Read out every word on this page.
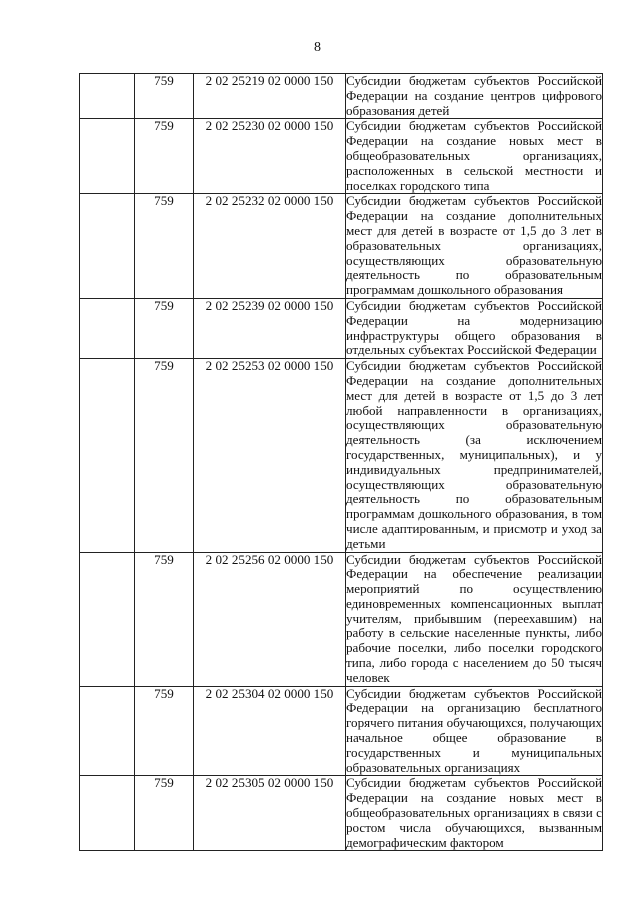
8
	759	2 02 25219 02 0000 150	Субсидии бюджетам субъектов Российской Федерации на создание центров цифрового образования детей
	759	2 02 25230 02 0000 150	Субсидии бюджетам субъектов Российской Федерации на создание новых мест в общеобразовательных организациях, расположенных в сельской местности и поселках городского типа
	759	2 02 25232 02 0000 150	Субсидии бюджетам субъектов Российской Федерации на создание дополнительных мест для детей в возрасте от 1,5 до 3 лет в образовательных организациях, осуществляющих образовательную деятельность по образовательным программам дошкольного образования
	759	2 02 25239 02 0000 150	Субсидии бюджетам субъектов Российской Федерации на модернизацию инфраструктуры общего образования в отдельных субъектах Российской Федерации
	759	2 02 25253 02 0000 150	Субсидии бюджетам субъектов Российской Федерации на создание дополнительных мест для детей в возрасте от 1,5 до 3 лет любой направленности в организациях, осуществляющих образовательную деятельность (за исключением государственных, муниципальных), и у индивидуальных предпринимателей, осуществляющих образовательную деятельность по образовательным программам дошкольного образования, в том числе адаптированным, и присмотр и уход за детьми
	759	2 02 25256 02 0000 150	Субсидии бюджетам субъектов Российской Федерации на обеспечение реализации мероприятий по осуществлению единовременных компенсационных выплат учителям, прибывшим (переехавшим) на работу в сельские населенные пункты, либо рабочие поселки, либо поселки городского типа, либо города с населением до 50 тысяч человек
	759	2 02 25304 02 0000 150	Субсидии бюджетам субъектов Российской Федерации на организацию бесплатного горячего питания обучающихся, получающих начальное общее образование в государственных и муниципальных образовательных организациях
	759	2 02 25305 02 0000 150	Субсидии бюджетам субъектов Российской Федерации на создание новых мест в общеобразовательных организациях в связи с ростом числа обучающихся, вызванным демографическим фактором
